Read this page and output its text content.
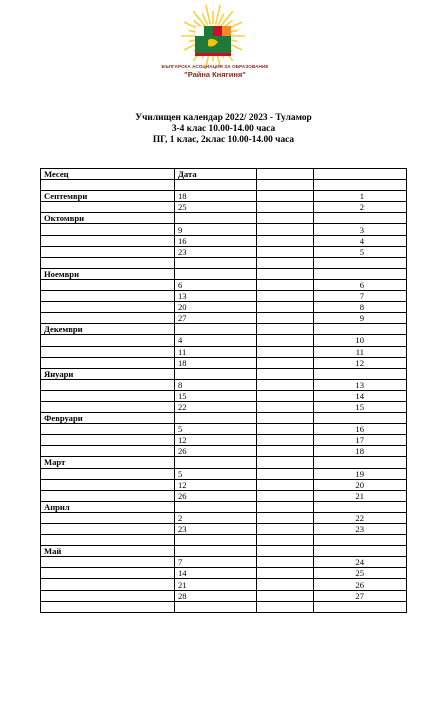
БЪЛГАРСКА АСОЦИАЦИЯ ЗА ОБРАЗОВАНИЕ
"Райна Княгиня"
Училищен календар 2022/ 2023 - Туламор
3-4 клас 10.00-14.00 часа
ПГ, 1 клас, 2клас 10.00-14.00 часа
Месец	Дата		

Септември	18		1
	25		2
Октомври			
	9		3
	16		4
	23		5

Ноември			
	6		6
	13		7
	20		8
	27		9
Декември			
	4		10
	11		11
	18		12
Януари			
	8		13
	15		14
	22		15
Февруари			
	5		16
	12		17
	26		18
Март			
	5		19
	12		20
	26		21
Април			
	2		22
	23		23

Май			
	7		24
	14		25
	21		26
	28		27
